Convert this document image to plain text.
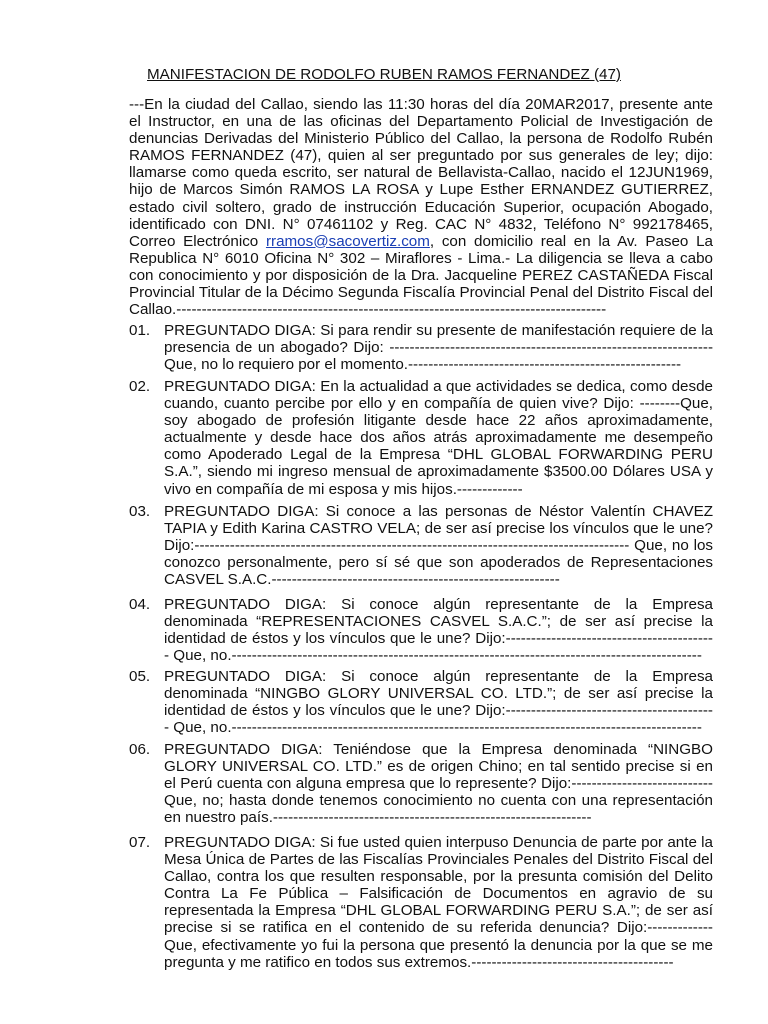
MANIFESTACION DE RODOLFO RUBEN RAMOS FERNANDEZ (47)
---En la ciudad del Callao, siendo las 11:30 horas del día 20MAR2017, presente ante el Instructor, en una de las oficinas del Departamento Policial de Investigación de denuncias Derivadas del Ministerio Público del Callao, la persona de Rodolfo Rubén RAMOS FERNANDEZ (47), quien al ser preguntado por sus generales de ley; dijo: llamarse como queda escrito, ser natural de Bellavista-Callao, nacido el 12JUN1969, hijo de Marcos Simón RAMOS LA ROSA y Lupe Esther ERNANDEZ GUTIERREZ, estado civil soltero, grado de instrucción Educación Superior, ocupación Abogado, identificado con DNI. N° 07461102 y Reg. CAC N° 4832, Teléfono N° 992178465, Correo Electrónico rramos@sacovertiz.com, con domicilio real en la Av. Paseo La Republica N° 6010 Oficina N° 302 – Miraflores - Lima.- La diligencia se lleva a cabo con conocimiento y por disposición de la Dra. Jacqueline PEREZ CASTAÑEDA Fiscal Provincial Titular de la Décimo Segunda Fiscalía Provincial Penal del Distrito Fiscal del Callao.-------------------------------------------------------------------------------------
01. PREGUNTADO DIGA: Si para rendir su presente de manifestación requiere de la presencia de un abogado? Dijo: ----------------------------------------------------------------Que, no lo requiero por el momento.------------------------------------------------------
02. PREGUNTADO DIGA: En la actualidad a que actividades se dedica, como desde cuando, cuanto percibe por ello y en compañía de quien vive? Dijo: --------Que, soy abogado de profesión litigante desde hace 22 años aproximadamente, actualmente y desde hace dos años atrás aproximadamente me desempeño como Apoderado Legal de la Empresa “DHL GLOBAL FORWARDING PERU S.A.”, siendo mi ingreso mensual de aproximadamente $3500.00 Dólares USA y vivo en compañía de mi esposa y mis hijos.-------------
03. PREGUNTADO DIGA: Si conoce a las personas de Néstor Valentín CHAVEZ TAPIA y Edith Karina CASTRO VELA; de ser así precise los vínculos que le une? Dijo:-------------------------------------------------------------------------------------- Que, no los conozco personalmente, pero sí sé que son apoderados de Representaciones CASVEL S.A.C.---------------------------------------------------------
04. PREGUNTADO DIGA: Si conoce algún representante de la Empresa denominada “REPRESENTACIONES CASVEL S.A.C.”; de ser así precise la identidad de éstos y los vínculos que le une? Dijo:------------------------------------------ Que, no.---------------------------------------------------------------------------------------------
05. PREGUNTADO DIGA: Si conoce algún representante de la Empresa denominada “NINGBO GLORY UNIVERSAL CO. LTD.”; de ser así precise la identidad de éstos y los vínculos que le une? Dijo:------------------------------------------ Que, no.---------------------------------------------------------------------------------------------
06. PREGUNTADO DIGA: Teniéndose que la Empresa denominada “NINGBO GLORY UNIVERSAL CO. LTD.” es de origen Chino; en tal sentido precise si en el Perú cuenta con alguna empresa que lo represente? Dijo:---------------------------- Que, no; hasta donde tenemos conocimiento no cuenta con una representación en nuestro país.---------------------------------------------------------------
07. PREGUNTADO DIGA: Si fue usted quien interpuso Denuncia de parte por ante la Mesa Única de Partes de las Fiscalías Provinciales Penales del Distrito Fiscal del Callao, contra los que resulten responsable, por la presunta comisión del Delito Contra La Fe Pública – Falsificación de Documentos en agravio de su representada la Empresa “DHL GLOBAL FORWARDING PERU S.A.”; de ser así precise si se ratifica en el contenido de su referida denuncia? Dijo:------------- Que, efectivamente yo fui la persona que presentó la denuncia por la que se me pregunta y me ratifico en todos sus extremos.----------------------------------------
